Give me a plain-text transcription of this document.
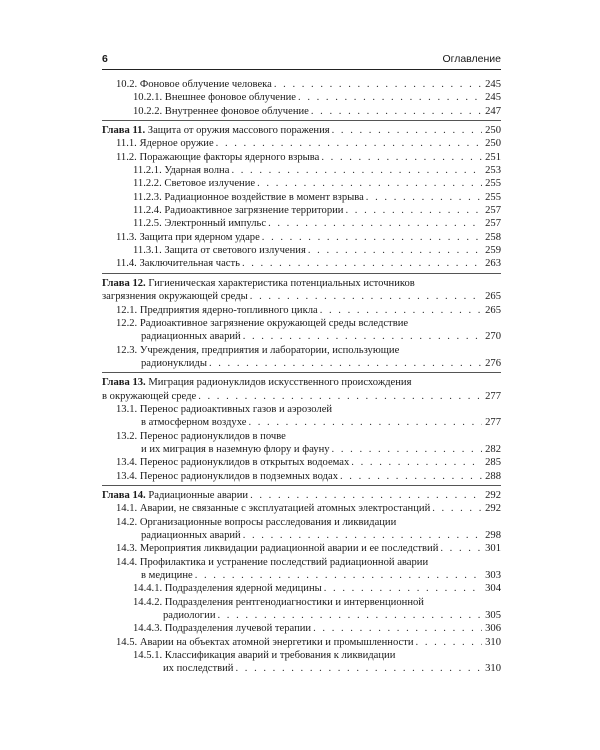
6	Оглавление
10.2. Фоновое облучение человека . . .	245
10.2.1. Внешнее фоновое облучение . . .	245
10.2.2. Внутреннее фоновое облучение . . .	247
Глава 11. Защита от оружия массового поражения . . .	250
11.1. Ядерное оружие . . .	250
11.2. Поражающие факторы ядерного взрыва . . .	251
11.2.1. Ударная волна . . .	253
11.2.2. Световое излучение . . .	255
11.2.3. Радиационное воздействие в момент взрыва . . .	255
11.2.4. Радиоактивное загрязнение территории . . .	257
11.2.5. Электронный импульс . . .	257
11.3. Защита при ядерном ударе . . .	258
11.3.1. Защита от светового излучения . . .	259
11.4. Заключительная часть . . .	263
Глава 12. Гигиеническая характеристика потенциальных источников
загрязнения окружающей среды . . .	265
12.1. Предприятия ядерно-топливного цикла . . .	265
12.2. Радиоактивное загрязнение окружающей среды вследствие
радиационных аварий . . .	270
12.3. Учреждения, предприятия и лаборатории, использующие
радионуклиды . . .	276
Глава 13. Миграция радионуклидов искусственного происхождения
в окружающей среде . . .	277
13.1. Перенос радиоактивных газов и аэрозолей
в атмосферном воздухе . . .	277
13.2. Перенос радионуклидов в почве
и их миграция в наземную флору и фауну . . .	282
13.4. Перенос радионуклидов в открытых водоемах . . .	285
13.4. Перенос радионуклидов в подземных водах . . .	288
Глава 14. Радиационные аварии . . .	292
14.1. Аварии, не связанные с эксплуатацией атомных электростанций . . .	292
14.2. Организационные вопросы расследования и ликвидации
радиационных аварий . . .	298
14.3. Мероприятия ликвидации радиационной аварии и ее последствий . . .	301
14.4. Профилактика и устранение последствий радиационной аварии
в медицине . . .	303
14.4.1. Подразделения ядерной медицины . . .	304
14.4.2. Подразделения рентгенодиагностики и интервенционной
радиологии . . .	305
14.4.3. Подразделения лучевой терапии . . .	306
14.5. Аварии на объектах атомной энергетики и промышленности . . .	310
14.5.1. Классификация аварий и требования к ликвидации
их последствий . . .	310
